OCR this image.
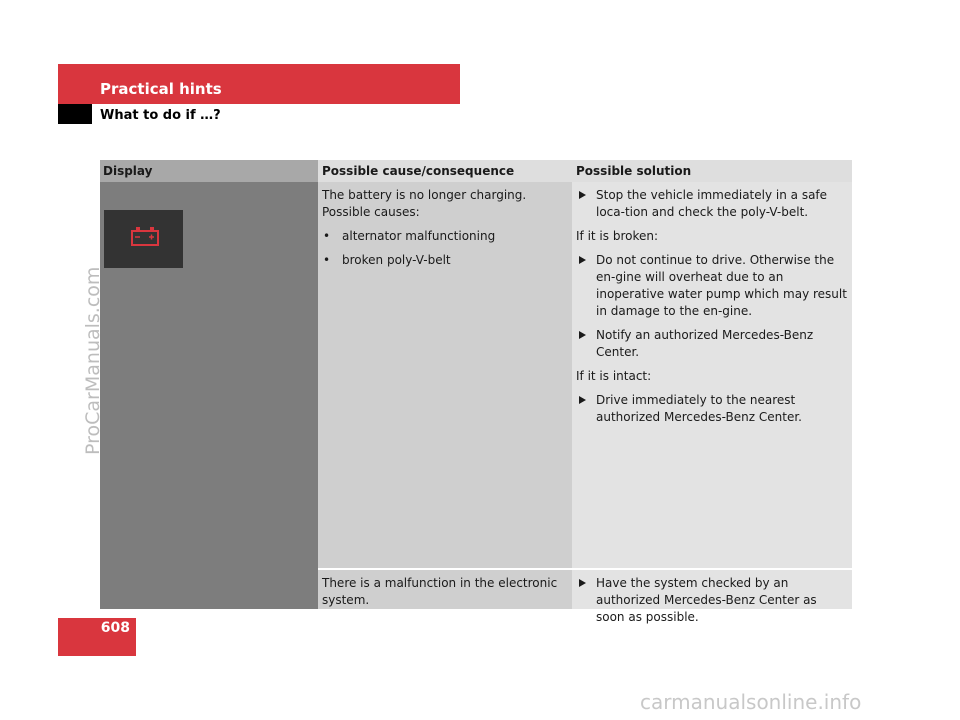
Practical hints
What to do if …?
Display	Possible cause/consequence	Possible solution
The battery is no longer charging.
Possible causes:
• alternator malfunctioning
• broken poly-V-belt
Stop the vehicle immediately in a safe loca-tion and check the poly-V-belt.
If it is broken:
Do not continue to drive. Otherwise the en-gine will overheat due to an inoperative water pump which may result in damage to the en-gine.
Notify an authorized Mercedes-Benz Center.
If it is intact:
Drive immediately to the nearest authorized Mercedes-Benz Center.
There is a malfunction in the electronic system.
Have the system checked by an authorized Mercedes-Benz Center as soon as possible.
ProCarManuals.com
608
carmanualsonline.info
